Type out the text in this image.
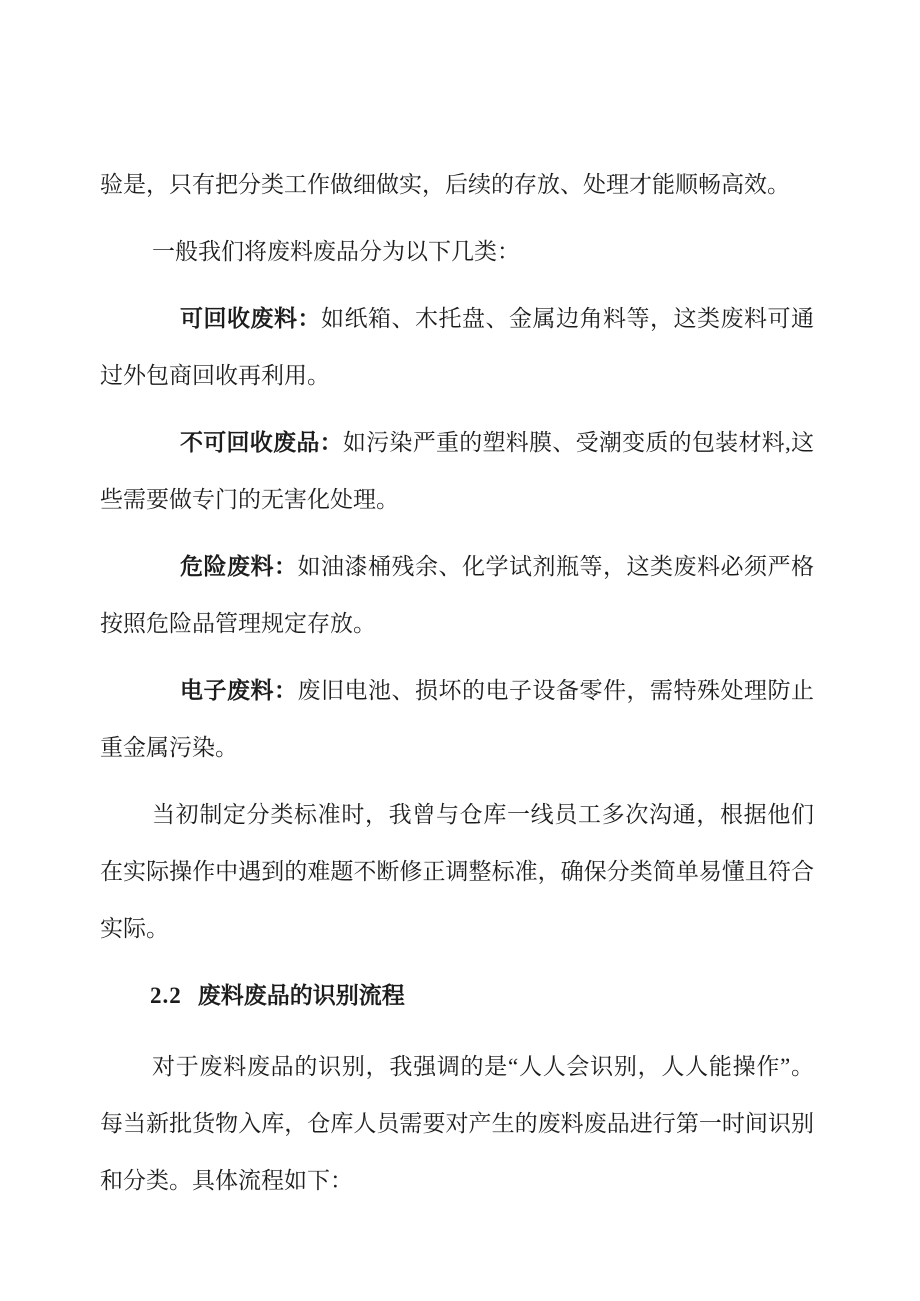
验是，只有把分类工作做细做实，后续的存放、处理才能顺畅高效。

一般我们将废料废品分为以下几类：

可回收废料：如纸箱、木托盘、金属边角料等，这类废料可通过外包商回收再利用。

不可回收废品：如污染严重的塑料膜、受潮变质的包装材料,这些需要做专门的无害化处理。

危险废料：如油漆桶残余、化学试剂瓶等，这类废料必须严格按照危险品管理规定存放。

电子废料：废旧电池、损坏的电子设备零件，需特殊处理防止重金属污染。

当初制定分类标准时，我曾与仓库一线员工多次沟通，根据他们在实际操作中遇到的难题不断修正调整标准，确保分类简单易懂且符合实际。

2.2 废料废品的识别流程

对于废料废品的识别，我强调的是“人人会识别，人人能操作”。每当新批货物入库，仓库人员需要对产生的废料废品进行第一时间识别和分类。具体流程如下：
